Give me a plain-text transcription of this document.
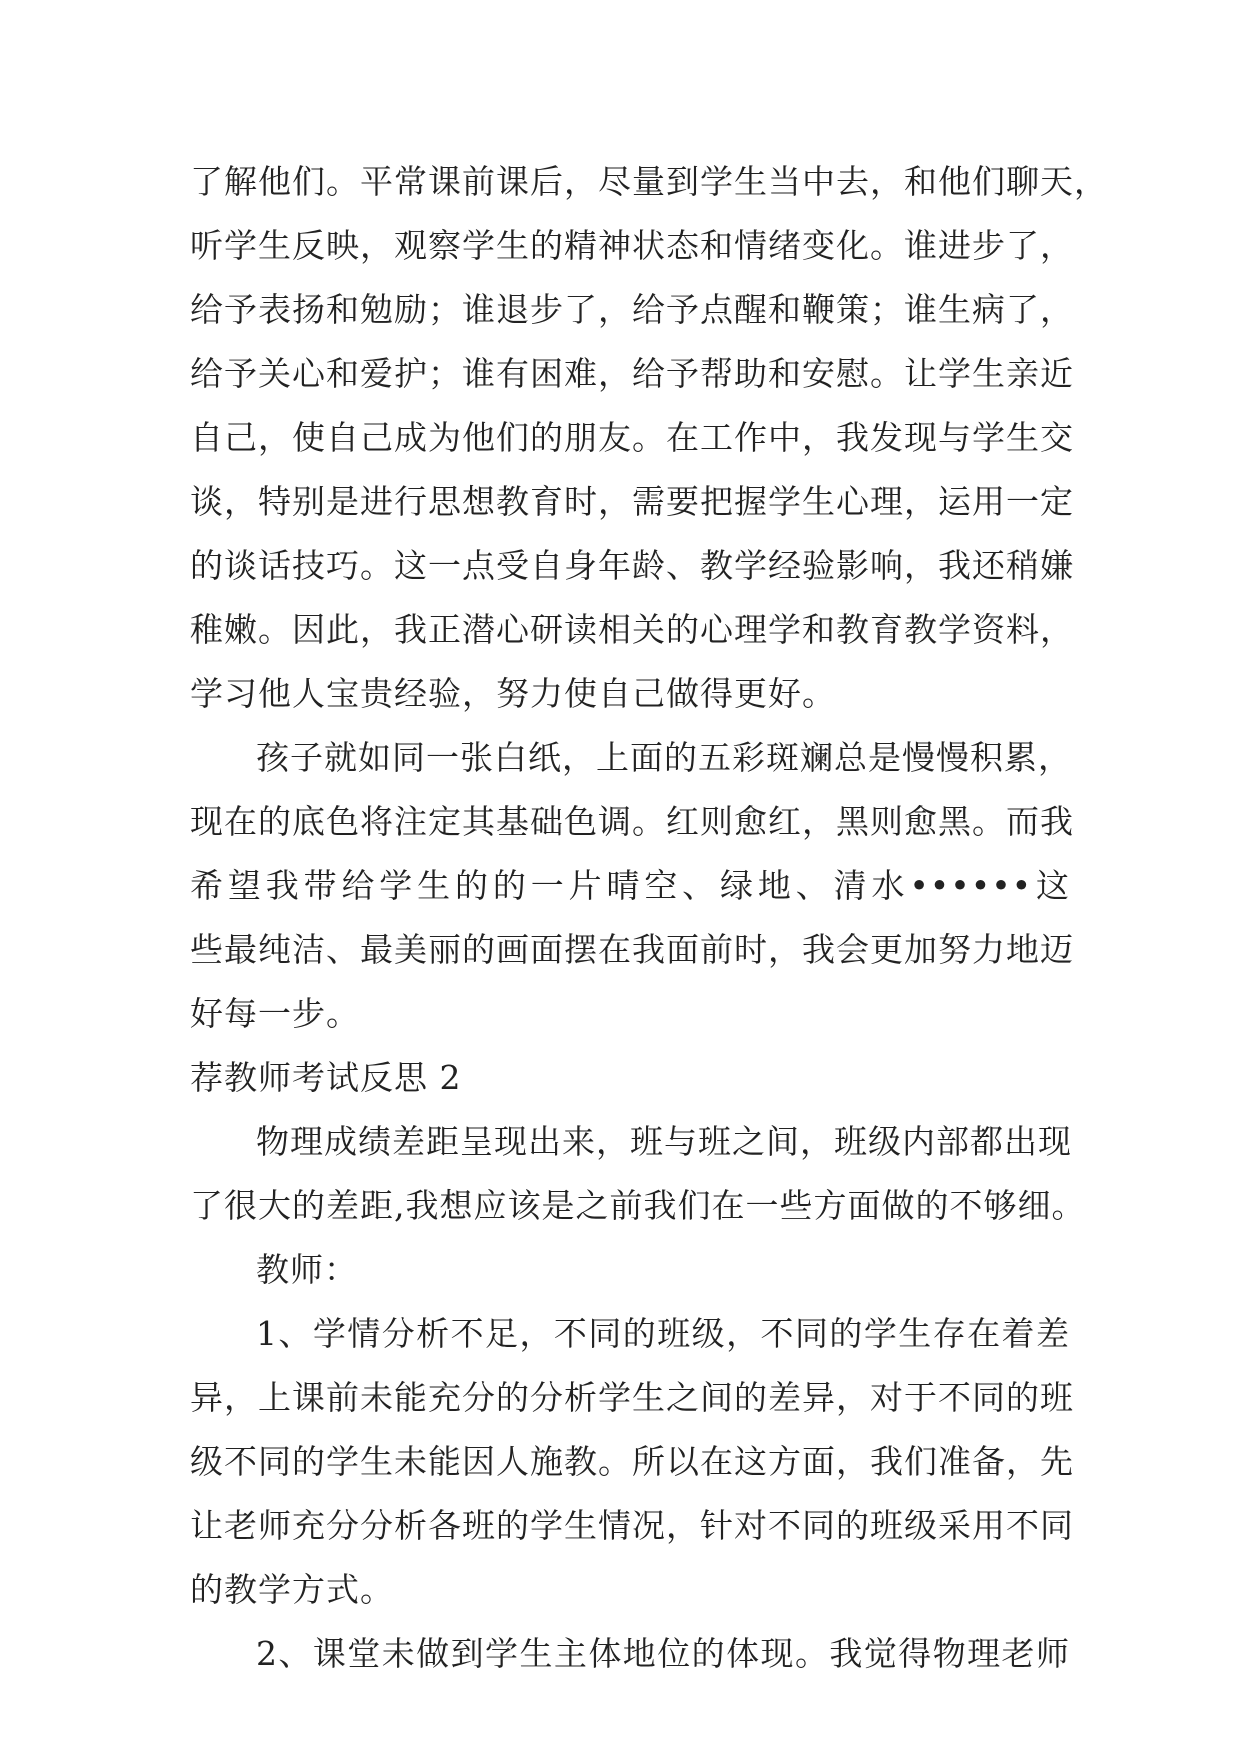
了解他们。平常课前课后，尽量到学生当中去，和他们聊天，
听学生反映，观察学生的精神状态和情绪变化。谁进步了，
给予表扬和勉励；谁退步了，给予点醒和鞭策；谁生病了，
给予关心和爱护；谁有困难，给予帮助和安慰。让学生亲近
自己，使自己成为他们的朋友。在工作中，我发现与学生交
谈，特别是进行思想教育时，需要把握学生心理，运用一定
的谈话技巧。这一点受自身年龄、教学经验影响，我还稍嫌
稚嫩。因此，我正潜心研读相关的心理学和教育教学资料，
学习他人宝贵经验，努力使自己做得更好。
孩子就如同一张白纸，上面的五彩斑斓总是慢慢积累，
现在的底色将注定其基础色调。红则愈红，黑则愈黑。而我
希望我带给学生的的一片晴空、绿地、清水••••••这
些最纯洁、最美丽的画面摆在我面前时，我会更加努力地迈
好每一步。
荐教师考试反思 2
物理成绩差距呈现出来，班与班之间，班级内部都出现
了很大的差距,我想应该是之前我们在一些方面做的不够细。
教师：
1、学情分析不足，不同的班级，不同的学生存在着差
异，上课前未能充分的分析学生之间的差异，对于不同的班
级不同的学生未能因人施教。所以在这方面，我们准备，先
让老师充分分析各班的学生情况，针对不同的班级采用不同
的教学方式。
2、课堂未做到学生主体地位的体现。我觉得物理老师
